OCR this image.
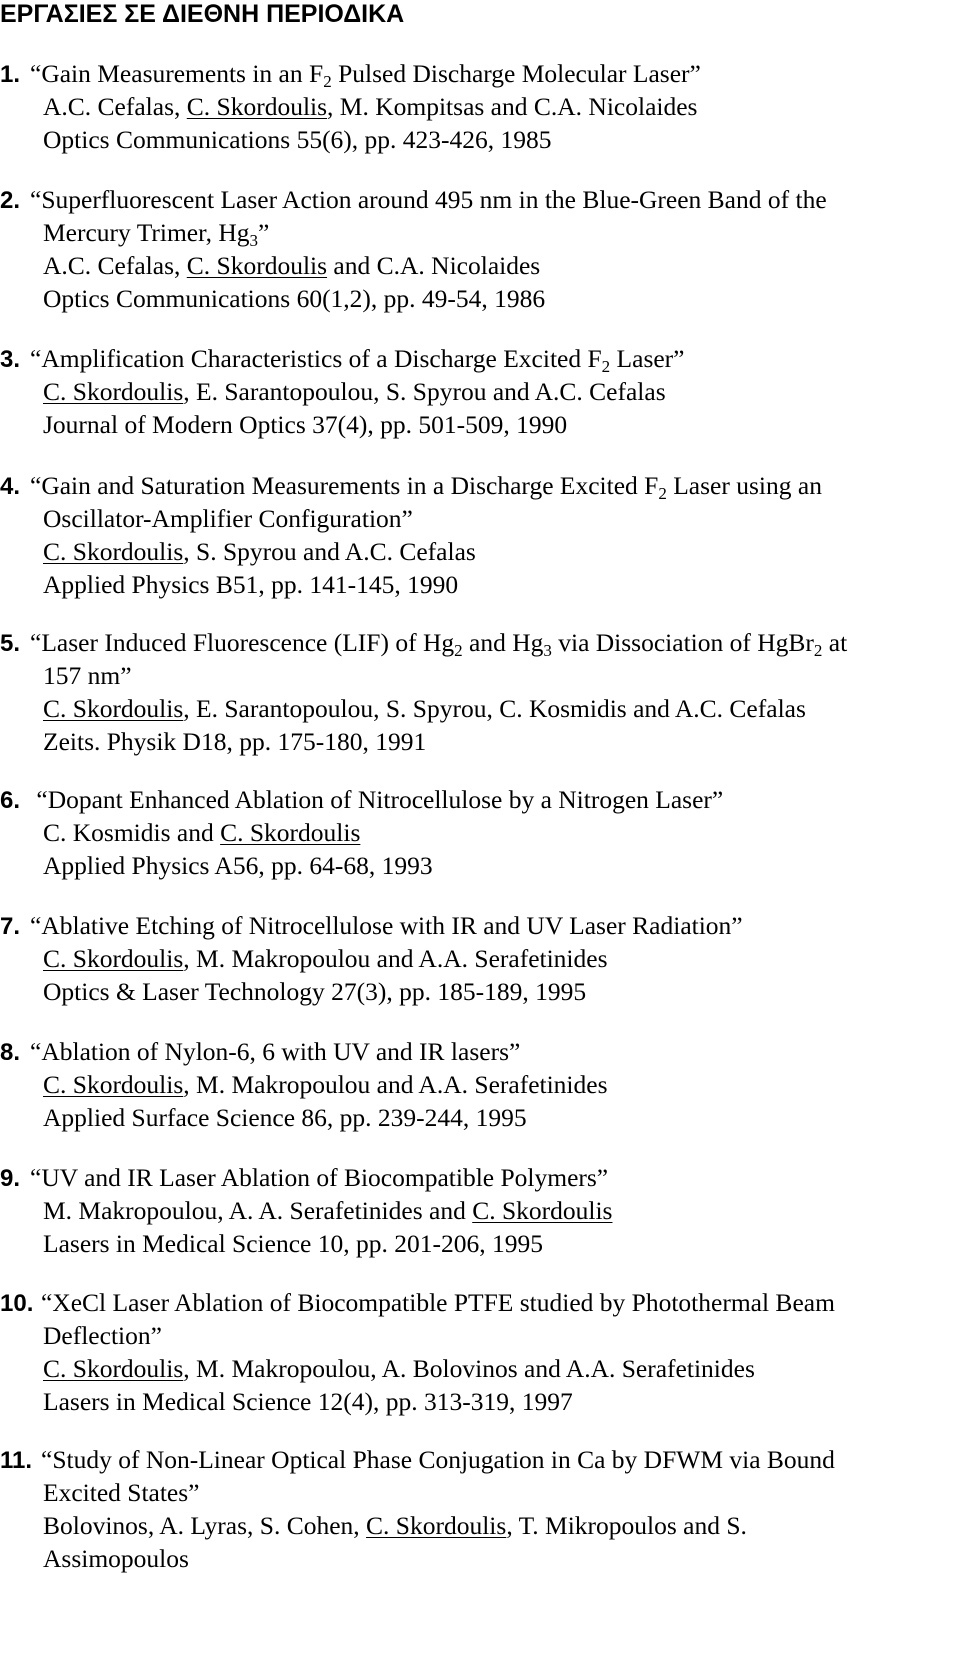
ΕΡΓΑΣΙΕΣ ΣΕ ΔΙΕΘΝΗ ΠΕΡΙΟΔΙΚΑ
1. “Gain Measurements in an $F_2$ Pulsed Discharge Molecular Laser”
A.C. Cefalas, C. Skordoulis, M. Kompitsas and C.A. Nicolaides
Optics Communications 55(6), pp. 423-426, 1985
2. “Superfluorescent Laser Action around 495 nm in the Blue-Green Band of the
Mercury Trimer, $Hg_3$”
A.C. Cefalas, C. Skordoulis and C.A. Nicolaides
Optics Communications 60(1,2), pp. 49-54, 1986
3. “Amplification Characteristics of a Discharge Excited $F_2$ Laser”
C. Skordoulis, E. Sarantopoulou, S. Spyrou and A.C. Cefalas
Journal of Modern Optics 37(4), pp. 501-509, 1990
4. “Gain and Saturation Measurements in a Discharge Excited $F_2$ Laser using an
Oscillator-Amplifier Configuration”
C. Skordoulis, S. Spyrou and A.C. Cefalas
Applied Physics B51, pp. 141-145, 1990
5. “Laser Induced Fluorescence (LIF) of $Hg_2$ and $Hg_3$ via Dissociation of HgBr$_2$ at
157 nm”
C. Skordoulis, E. Sarantopoulou, S. Spyrou, C. Kosmidis and A.C. Cefalas
Zeits. Physik D18, pp. 175-180, 1991
6. “Dopant Enhanced Ablation of Nitrocellulose by a Nitrogen Laser”
C. Kosmidis and C. Skordoulis
Applied Physics A56, pp. 64-68, 1993
7. “Ablative Etching of Nitrocellulose with IR and UV Laser Radiation”
C. Skordoulis, M. Makropoulou and A.A. Serafetinides
Optics & Laser Technology 27(3), pp. 185-189, 1995
8. “Ablation of Nylon-6, 6 with UV and IR lasers”
C. Skordoulis, M. Makropoulou and A.A. Serafetinides
Applied Surface Science 86, pp. 239-244, 1995
9. “UV and IR Laser Ablation of Biocompatible Polymers”
M. Makropoulou, A. A. Serafetinides and C. Skordoulis
Lasers in Medical Science 10, pp. 201-206, 1995
10. “XeCl Laser Ablation of Biocompatible PTFE studied by Photothermal Beam
Deflection”
C. Skordoulis, M. Makropoulou, A. Bolovinos and A.A. Serafetinides
Lasers in Medical Science 12(4), pp. 313-319, 1997
11. “Study of Non-Linear Optical Phase Conjugation in Ca by DFWM via Bound
Excited States”
Bolovinos, A. Lyras, S. Cohen, C. Skordoulis, T. Mikropoulos and S.
Assimopoulos
